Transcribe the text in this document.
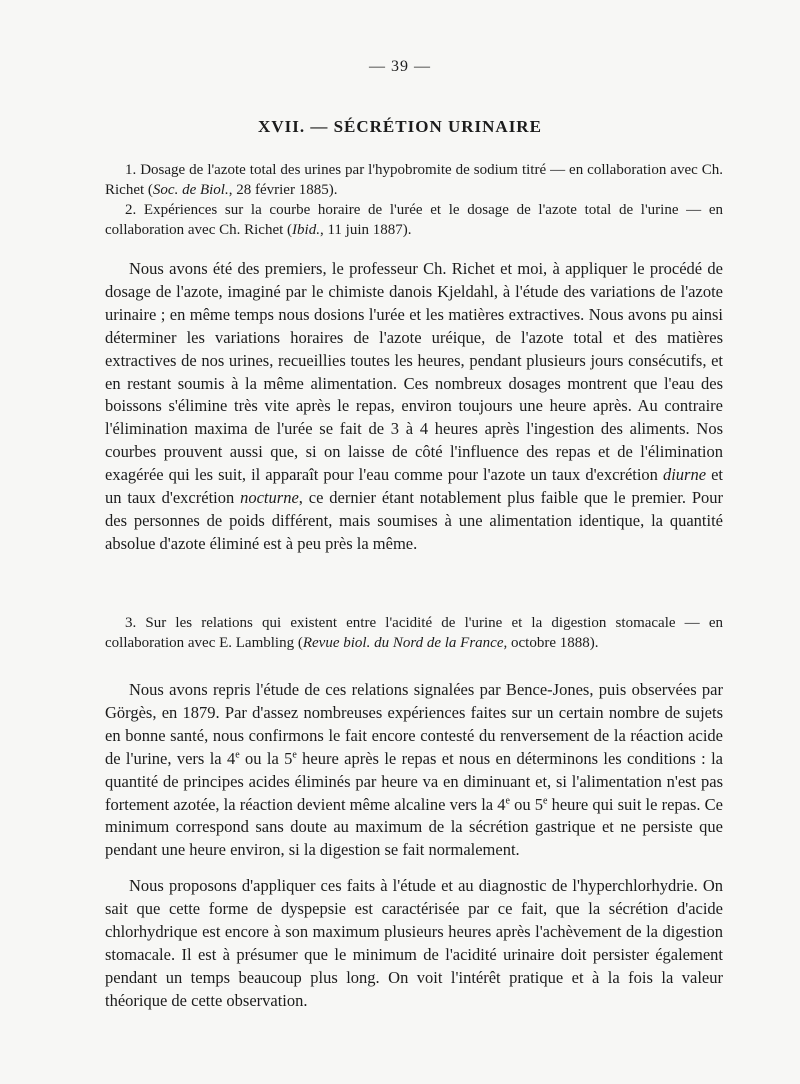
— 39 —
XVII. — SÉCRÉTION URINAIRE

1. Dosage de l'azote total des urines par l'hypobromite de sodium titré — en collaboration avec Ch. Richet (Soc. de Biol., 28 février 1885).

2. Expériences sur la courbe horaire de l'urée et le dosage de l'azote total de l'urine — en collaboration avec Ch. Richet (Ibid., 11 juin 1887).

Nous avons été des premiers, le professeur Ch. Richet et moi, à appliquer le procédé de dosage de l'azote, imaginé par le chimiste danois Kjeldahl, à l'étude des variations de l'azote urinaire ; en même temps nous dosions l'urée et les matières extractives. Nous avons pu ainsi déterminer les variations horaires de l'azote uréique, de l'azote total et des matières extractives de nos urines, recueillies toutes les heures, pendant plusieurs jours consécutifs, et en restant soumis à la même alimentation. Ces nombreux dosages montrent que l'eau des boissons s'élimine très vite après le repas, environ toujours une heure après. Au contraire l'élimination maxima de l'urée se fait de 3 à 4 heures après l'ingestion des aliments. Nos courbes prouvent aussi que, si on laisse de côté l'influence des repas et de l'élimination exagérée qui les suit, il apparaît pour l'eau comme pour l'azote un taux d'excrétion diurne et un taux d'excrétion nocturne, ce dernier étant notablement plus faible que le premier. Pour des personnes de poids différent, mais soumises à une alimentation identique, la quantité absolue d'azote éliminé est à peu près la même.

3. Sur les relations qui existent entre l'acidité de l'urine et la digestion stomacale — en collaboration avec E. Lambling (Revue biol. du Nord de la France, octobre 1888).

Nous avons repris l'étude de ces relations signalées par Bence-Jones, puis observées par Görgès, en 1879. Par d'assez nombreuses expériences faites sur un certain nombre de sujets en bonne santé, nous confirmons le fait encore contesté du renversement de la réaction acide de l'urine, vers la 4e ou la 5e heure après le repas et nous en déterminons les conditions : la quantité de principes acides éliminés par heure va en diminuant et, si l'alimentation n'est pas fortement azotée, la réaction devient même alcaline vers la 4e ou 5e heure qui suit le repas. Ce minimum correspond sans doute au maximum de la sécrétion gastrique et ne persiste que pendant une heure environ, si la digestion se fait normalement.

Nous proposons d'appliquer ces faits à l'étude et au diagnostic de l'hyperchlorhydrie. On sait que cette forme de dyspepsie est caractérisée par ce fait, que la sécrétion d'acide chlorhydrique est encore à son maximum plusieurs heures après l'achèvement de la digestion stomacale. Il est à présumer que le minimum de l'acidité urinaire doit persister également pendant un temps beaucoup plus long. On voit l'intérêt pratique et à la fois la valeur théorique de cette observation.
